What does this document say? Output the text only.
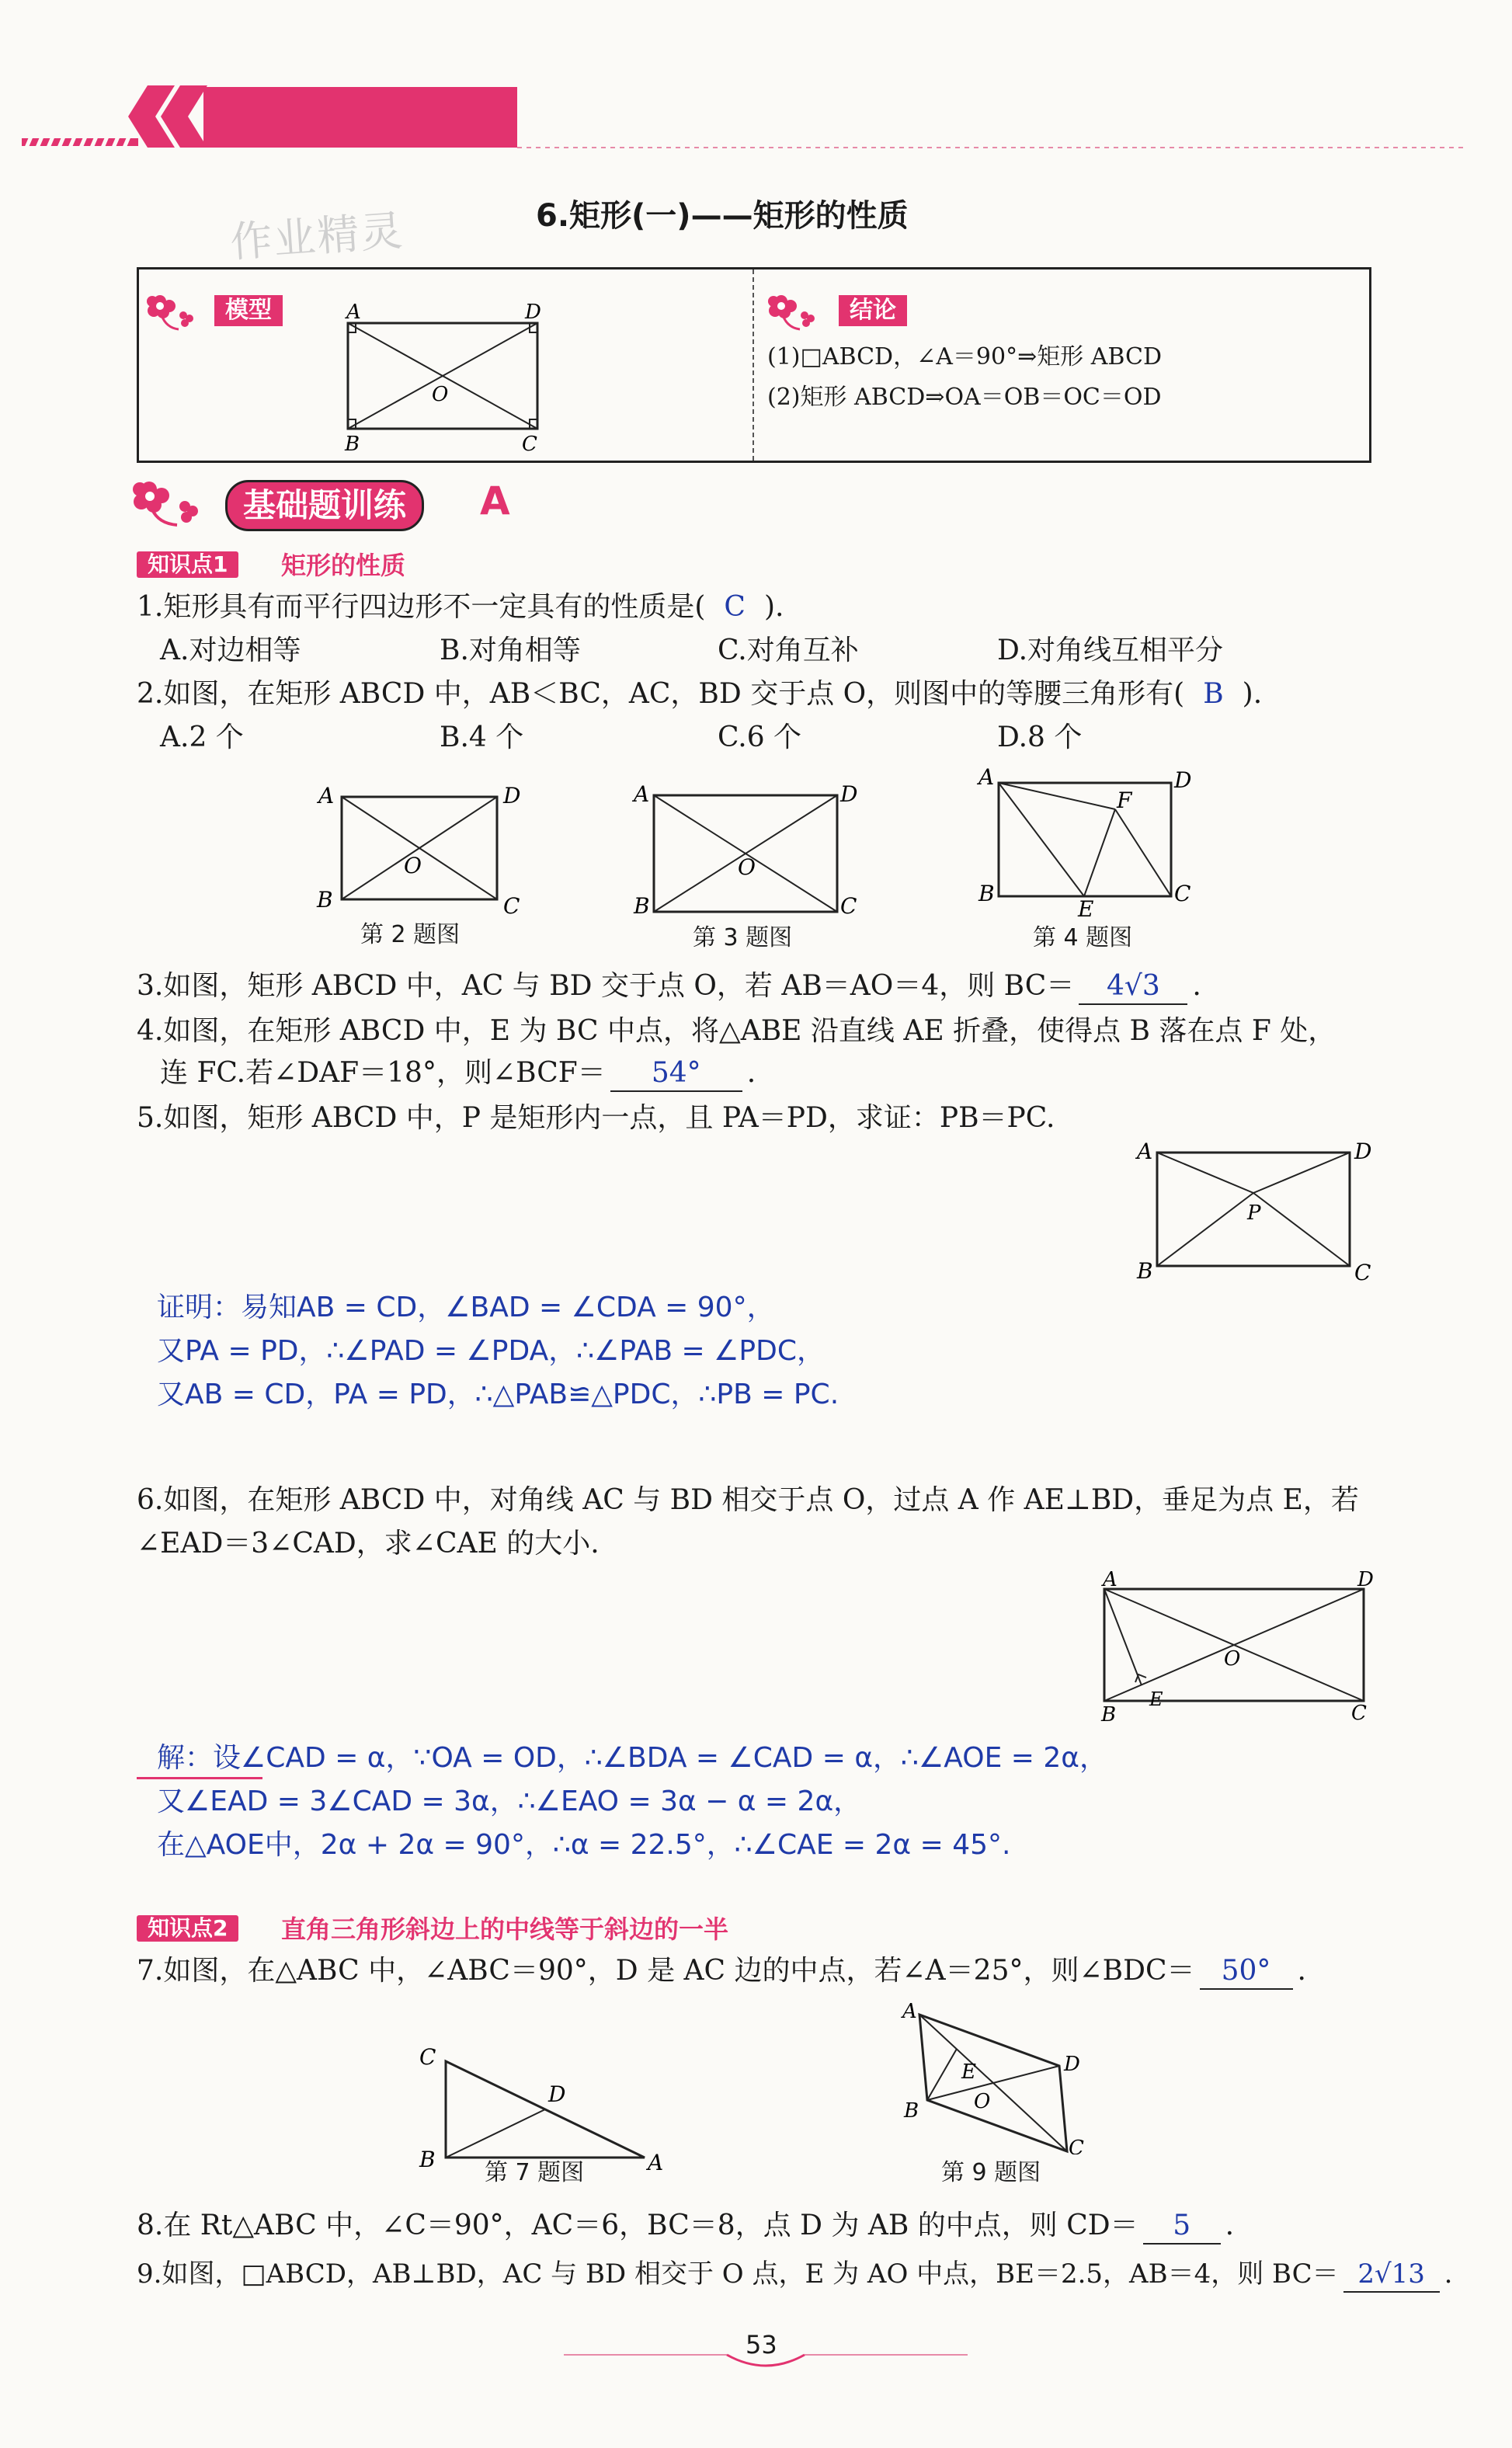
作业精灵	6.矩形(一)——矩形的性质
模型	A	D
B	C
O
结论
(1)□ABCD，∠A＝90°⇒矩形 ABCD
(2)矩形 ABCD⇒OA＝OB＝OC＝OD
基础题训练	A
知识点1	矩形的性质
1.矩形具有而平行四边形不一定具有的性质是( C ).
A.对边相等	B.对角相等	C.对角互补	D.对角线互相平分
2.如图，在矩形 ABCD 中，AB＜BC，AC，BD 交于点 O，则图中的等腰三角形有( B ).
A.2 个	B.4 个	C.6 个	D.8 个
A	D
B	C
O
第 2 题图
A	D
B	C
O
第 3 题图
A	D
B	C
F
E
第 4 题图
3.如图，矩形 ABCD 中，AC 与 BD 交于点 O，若 AB＝AO＝4，则 BC＝ 4√3 .
4.如图，在矩形 ABCD 中，E 为 BC 中点，将△ABE 沿直线 AE 折叠，使得点 B 落在点 F 处，
连 FC.若∠DAF＝18°，则∠BCF＝ 54° .
5.如图，矩形 ABCD 中，P 是矩形内一点，且 PA＝PD，求证：PB＝PC.
A	D
B	C
P
证明：易知AB = CD，∠BAD = ∠CDA = 90°，
又PA = PD，∴∠PAD = ∠PDA，∴∠PAB = ∠PDC，
又AB = CD，PA = PD，∴△PAB≌△PDC，∴PB = PC.
6.如图，在矩形 ABCD 中，对角线 AC 与 BD 相交于点 O，过点 A 作 AE⊥BD，垂足为点 E，若
∠EAD＝3∠CAD，求∠CAE 的大小.
A	D
B	C
O
E
解：设∠CAD = α，∵OA = OD，∴∠BDA = ∠CAD = α，∴∠AOE = 2α，
又∠EAD = 3∠CAD = 3α，∴∠EAO = 3α − α = 2α，
在△AOE中，2α + 2α = 90°，∴α = 22.5°，∴∠CAE = 2α = 45°.
知识点2	直角三角形斜边上的中线等于斜边的一半
7.如图，在△ABC 中，∠ABC＝90°，D 是 AC 边的中点，若∠A＝25°，则∠BDC＝ 50° .
C
D
B	A
第 7 题图
A
D
B
C
E
O
第 9 题图
8.在 Rt△ABC 中，∠C＝90°，AC＝6，BC＝8，点 D 为 AB 的中点，则 CD＝ 5 .
9.如图，□ABCD，AB⊥BD，AC 与 BD 相交于 O 点，E 为 AO 中点，BE＝2.5，AB＝4，则 BC＝ 2√13 .
53
